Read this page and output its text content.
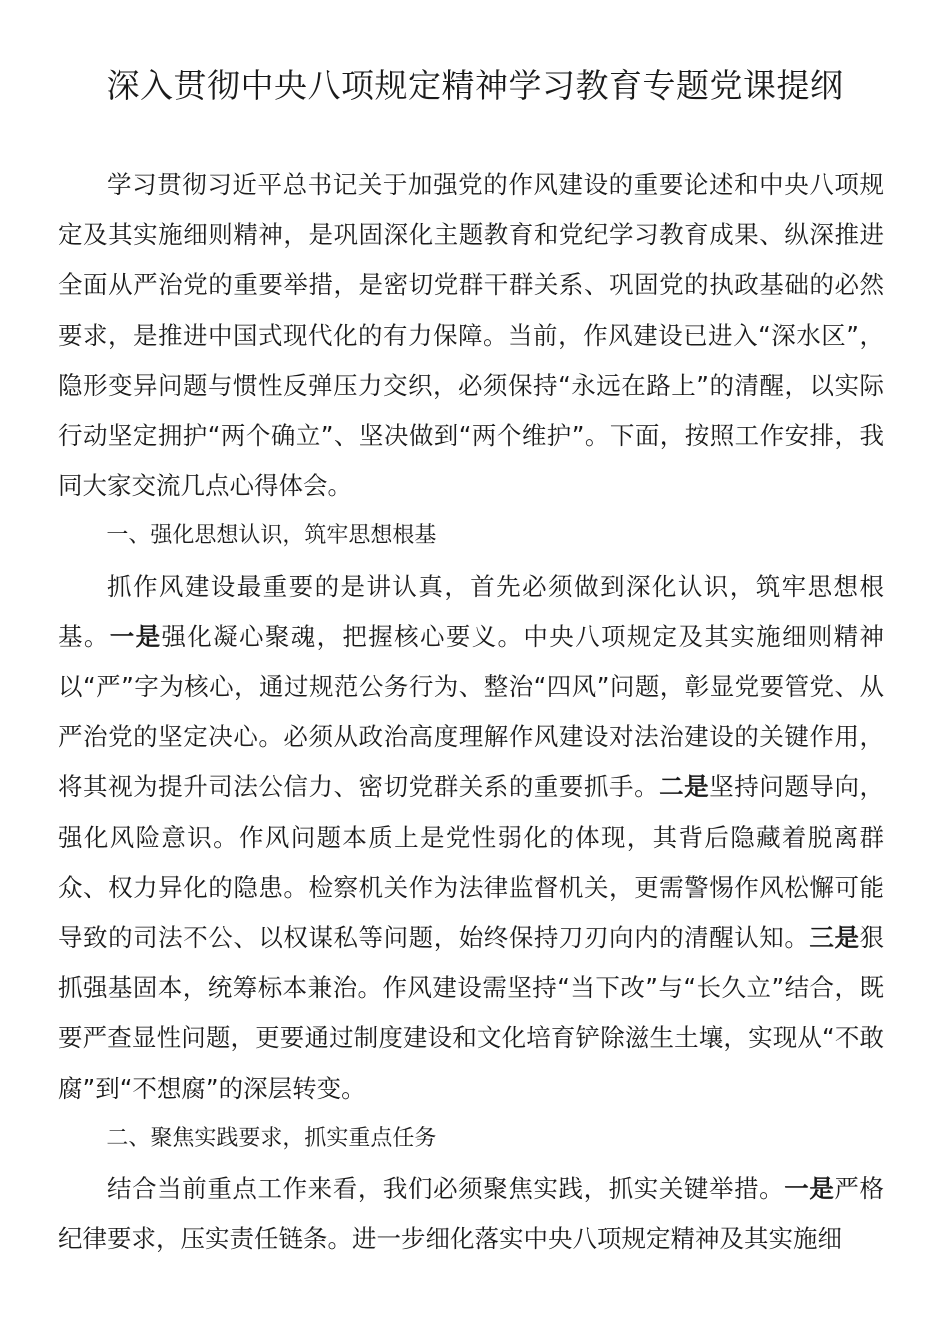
深入贯彻中央八项规定精神学习教育专题党课提纲

学习贯彻习近平总书记关于加强党的作风建设的重要论述和中央八项规定及其实施细则精神，是巩固深化主题教育和党纪学习教育成果、纵深推进全面从严治党的重要举措，是密切党群干群关系、巩固党的执政基础的必然要求，是推进中国式现代化的有力保障。当前，作风建设已进入“深水区”，隐形变异问题与惯性反弹压力交织，必须保持“永远在路上”的清醒，以实际行动坚定拥护“两个确立”、坚决做到“两个维护”。下面，按照工作安排，我同大家交流几点心得体会。

一、强化思想认识，筑牢思想根基

抓作风建设最重要的是讲认真，首先必须做到深化认识，筑牢思想根基。一是强化凝心聚魂，把握核心要义。中央八项规定及其实施细则精神以“严”字为核心，通过规范公务行为、整治“四风”问题，彰显党要管党、从严治党的坚定决心。必须从政治高度理解作风建设对法治建设的关键作用，将其视为提升司法公信力、密切党群关系的重要抓手。二是坚持问题导向，强化风险意识。作风问题本质上是党性弱化的体现，其背后隐藏着脱离群众、权力异化的隐患。检察机关作为法律监督机关，更需警惕作风松懈可能导致的司法不公、以权谋私等问题，始终保持刀刃向内的清醒认知。三是狠抓强基固本，统筹标本兼治。作风建设需坚持“当下改”与“长久立”结合，既要严查显性问题，更要通过制度建设和文化培育铲除滋生土壤，实现从“不敢腐”到“不想腐”的深层转变。

二、聚焦实践要求，抓实重点任务

结合当前重点工作来看，我们必须聚焦实践，抓实关键举措。一是严格纪律要求，压实责任链条。进一步细化落实中央八项规定精神及其实施细
